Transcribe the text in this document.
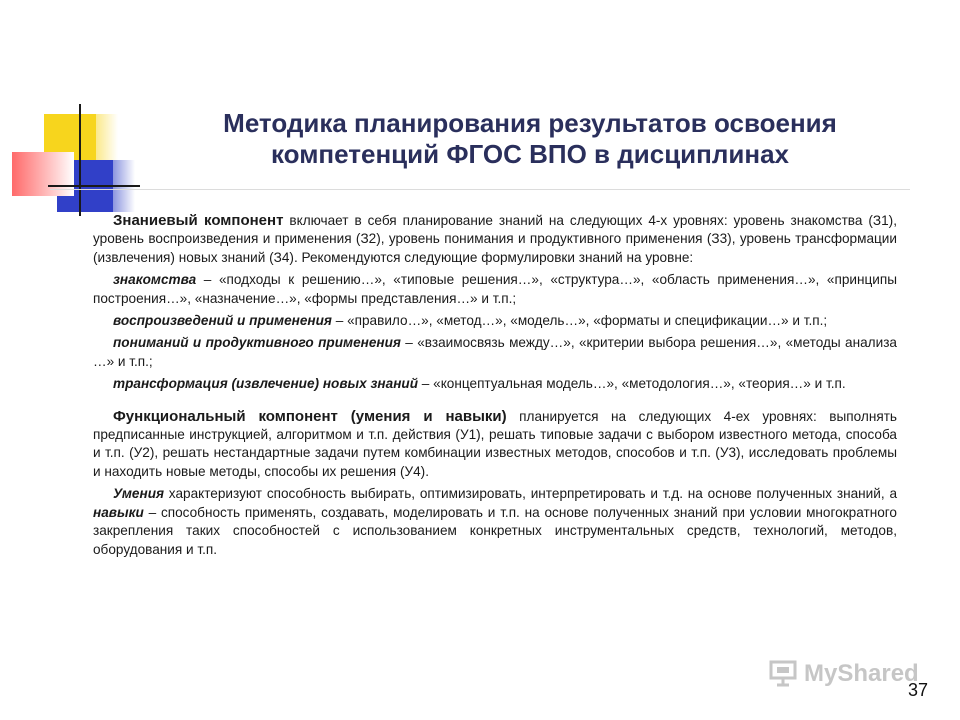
Методика планирования результатов освоения
компетенций ФГОС ВПО в дисциплинах

Знаниевый компонент включает в себя планирование знаний на следующих 4-х уровнях: уровень знакомства (З1), уровень воспроизведения и применения (З2), уровень понимания и продуктивного применения (З3), уровень трансформации (извлечения) новых знаний (З4). Рекомендуются следующие формулировки знаний на уровне:

знакомства – «подходы к решению…», «типовые решения…», «структура…», «область применения…», «принципы построения…», «назначение…», «формы представления…» и т.п.;

воспроизведений и применения – «правило…», «метод…», «модель…», «форматы и спецификации…» и т.п.;

пониманий и продуктивного применения – «взаимосвязь между…», «критерии выбора решения…», «методы анализа …» и т.п.;

трансформация (извлечение) новых знаний – «концептуальная модель…», «методология…», «теория…» и т.п.

Функциональный компонент (умения и навыки) планируется на следующих 4-ех уровнях: выполнять предписанные инструкцией, алгоритмом и т.п. действия (У1), решать типовые задачи с выбором известного метода, способа и т.п. (У2), решать нестандартные задачи путем комбинации известных методов, способов и т.п. (У3), исследовать проблемы и находить новые методы, способы их решения (У4).

Умения характеризуют способность выбирать, оптимизировать, интерпретировать и т.д. на основе полученных знаний, а навыки – способность применять, создавать, моделировать и т.п. на основе полученных знаний при условии многократного закрепления таких способностей с использованием конкретных инструментальных средств, технологий, методов, оборудования и т.п.

MyShared
37
